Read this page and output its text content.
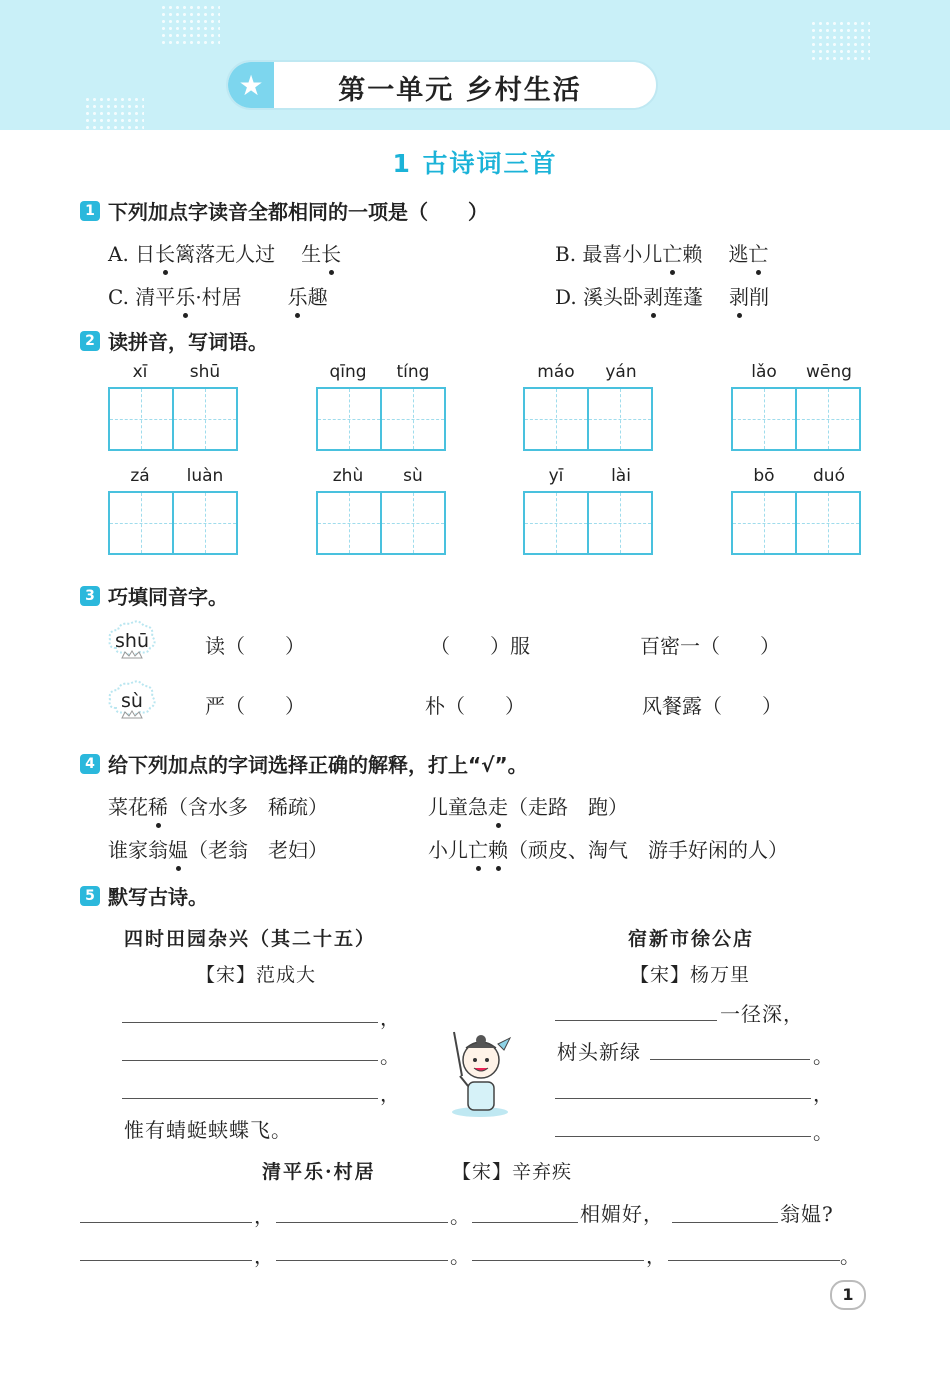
★	第一单元 乡村生活
1 古诗词三首
1 下列加点字读音全都相同的一项是（　　）
A. 日长篱落无人过　生长	B. 最喜小儿亡赖　逃亡
C. 清平乐·村居　　乐趣	D. 溪头卧剥莲蓬　剥削
2 读拼音，写词语。
xī	shū	qīng	tíng	máo	yán	lǎo	wēng
zá	luàn	zhù	sù	yī	lài	bō	duó
3 巧填同音字。
shū	读（　　）	（　　）服	百密一（　　）
sù	严（　　）	朴（　　）	风餐露（　　）
4 给下列加点的字词选择正确的解释，打上“√”。
菜花稀（含水多　稀疏）	儿童急走（走路　跑）
谁家翁媪（老翁　老妇）	小儿亡赖（顽皮、淘气　游手好闲的人）
5 默写古诗。
四时田园杂兴（其二十五）
【宋】范成大
，
。
，
惟有蜻蜓蛱蝶飞。
宿新市徐公店
【宋】杨万里
一径深，
树头新绿	。
，
。
清平乐·村居	【宋】辛弃疾
，	。	相媚好，	翁媪?
，	。	，	。
1
